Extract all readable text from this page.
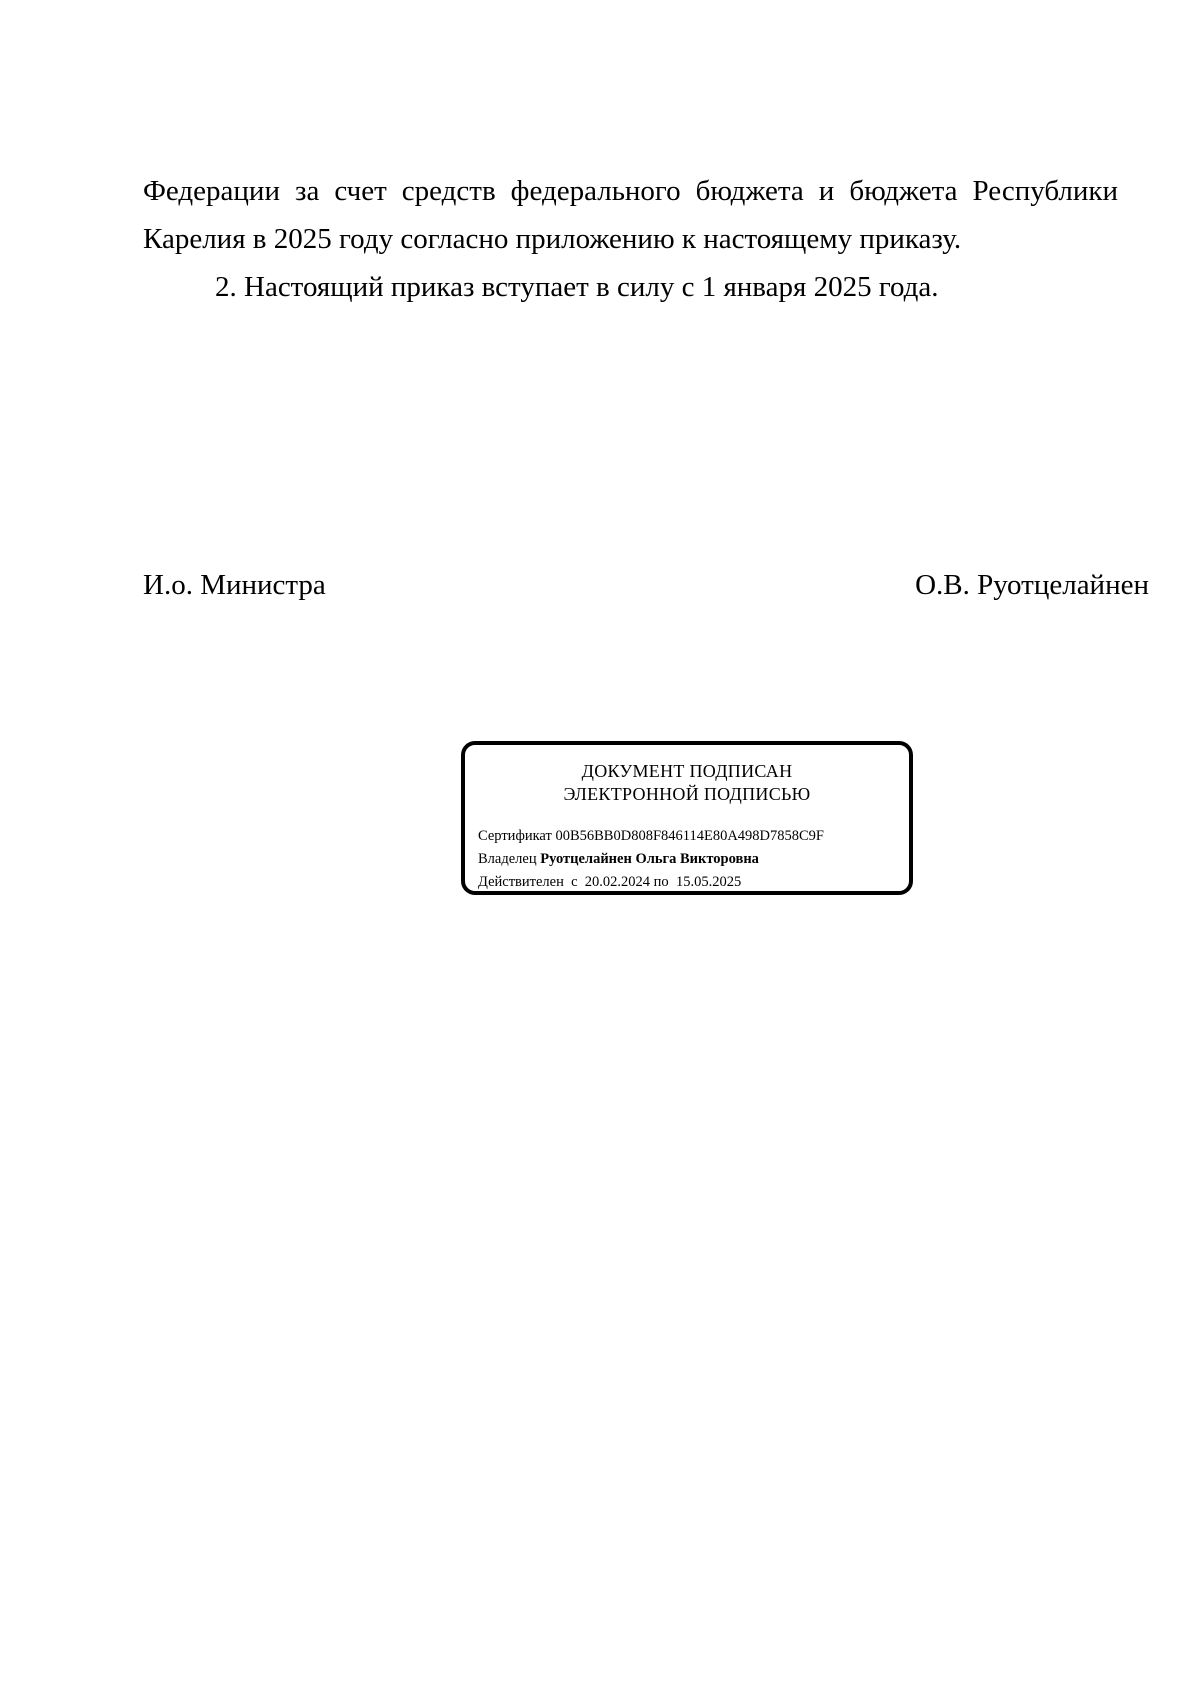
Федерации за счет средств федерального бюджета и бюджета Республики
Карелия в 2025 году согласно приложению к настоящему приказу.
2. Настоящий приказ вступает в силу с 1 января 2025 года.
И.о. Министра	О.В. Руотцелайнен
ДОКУМЕНТ ПОДПИСАН
ЭЛЕКТРОННОЙ ПОДПИСЬЮ
Сертификат 00B56BB0D808F846114E80A498D7858C9F
Владелец Руотцелайнен Ольга Викторовна
Действителен с 20.02.2024 по 15.05.2025
